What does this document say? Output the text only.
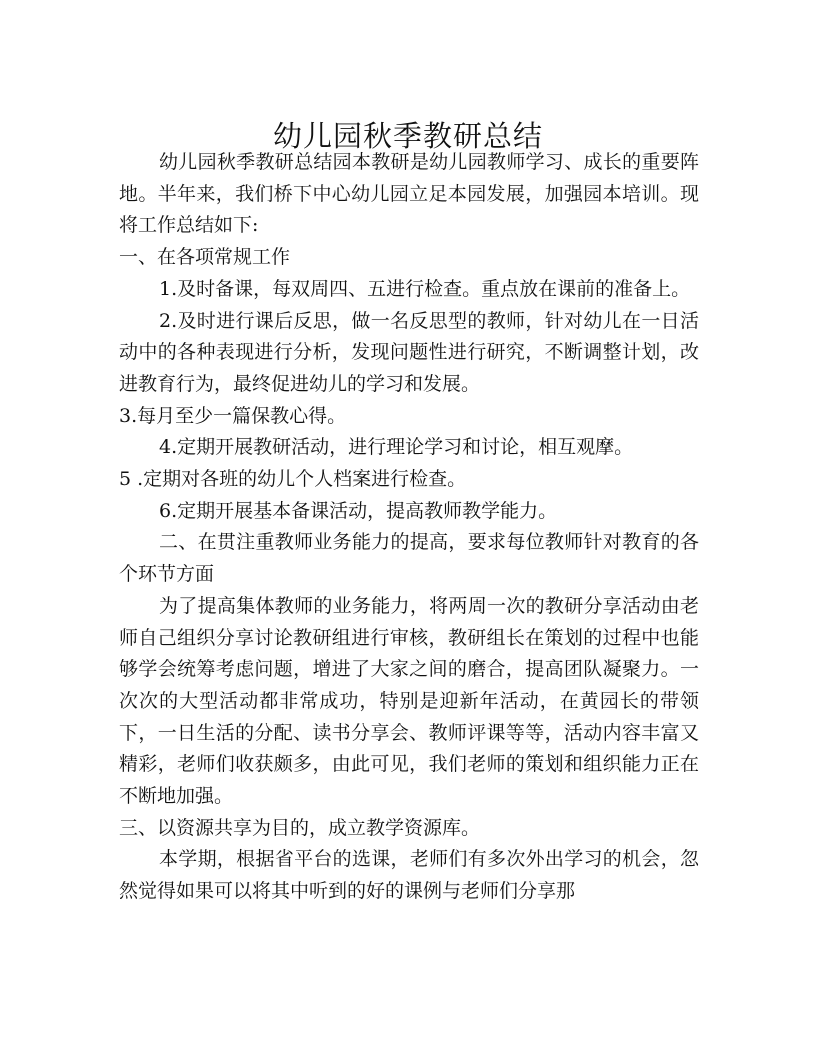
幼儿园秋季教研总结

幼儿园秋季教研总结园本教研是幼儿园教师学习、成长的重要阵地。半年来，我们桥下中心幼儿园立足本园发展，加强园本培训。现将工作总结如下:

一、在各项常规工作

1.及时备课，每双周四、五进行检查。重点放在课前的准备上。

2.及时进行课后反思，做一名反思型的教师，针对幼儿在一日活动中的各种表现进行分析，发现问题性进行研究，不断调整计划，改进教育行为，最终促进幼儿的学习和发展。

3.每月至少一篇保教心得。

4.定期开展教研活动，进行理论学习和讨论，相互观摩。

5 .定期对各班的幼儿个人档案进行检查。

6.定期开展基本备课活动，提高教师教学能力。

二、在贯注重教师业务能力的提高，要求每位教师针对教育的各个环节方面

为了提高集体教师的业务能力，将两周一次的教研分享活动由老师自己组织分享讨论教研组进行审核，教研组长在策划的过程中也能够学会统筹考虑问题，增进了大家之间的磨合，提高团队凝聚力。一次次的大型活动都非常成功，特别是迎新年活动，在黄园长的带领下，一日生活的分配、读书分享会、教师评课等等，活动内容丰富又精彩，老师们收获颇多，由此可见，我们老师的策划和组织能力正在不断地加强。

三、以资源共享为目的，成立教学资源库。

本学期，根据省平台的选课，老师们有多次外出学习的机会，忽然觉得如果可以将其中听到的好的课例与老师们分享那
